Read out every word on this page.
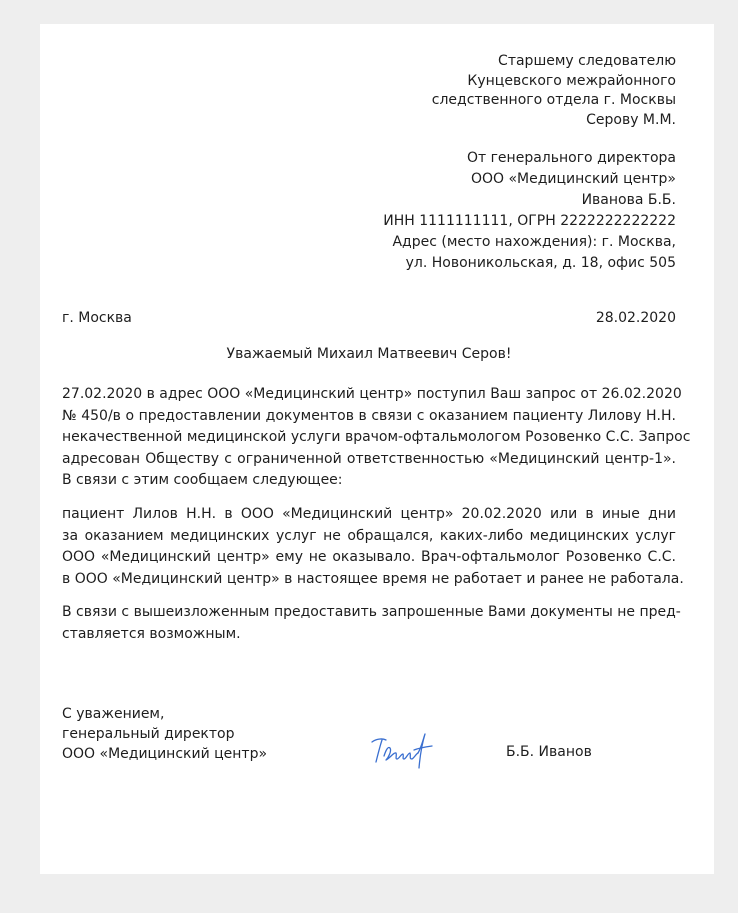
Старшему следователю
Кунцевского межрайонного
следственного отдела г. Москвы
Серову М.М.
От генерального директора
ООО «Медицинский центр»
Иванова Б.Б.
ИНН 1111111111, ОГРН 2222222222222
Адрес (место нахождения): г. Москва,
ул. Новоникольская, д. 18, офис 505
г. Москва	28.02.2020
Уважаемый Михаил Матвеевич Серов!
27.02.2020 в адрес ООО «Медицинский центр» поступил Ваш запрос от 26.02.2020
№ 450/в о предоставлении документов в связи с оказанием пациенту Лилову Н.Н.
некачественной медицинской услуги врачом-офтальмологом Розовенко С.С. Запрос
адресован Обществу с ограниченной ответственностью «Медицинский центр-1».
В связи с этим сообщаем следующее:
пациент Лилов Н.Н. в ООО «Медицинский центр» 20.02.2020 или в иные дни
за оказанием медицинских услуг не обращался, каких-либо медицинских услуг
ООО «Медицинский центр» ему не оказывало. Врач-офтальмолог Розовенко С.С.
в ООО «Медицинский центр» в настоящее время не работает и ранее не работала.
В связи с вышеизложенным предоставить запрошенные Вами документы не пред-
ставляется возможным.
С уважением,
генеральный директор
ООО «Медицинский центр»	Б.Б. Иванов
